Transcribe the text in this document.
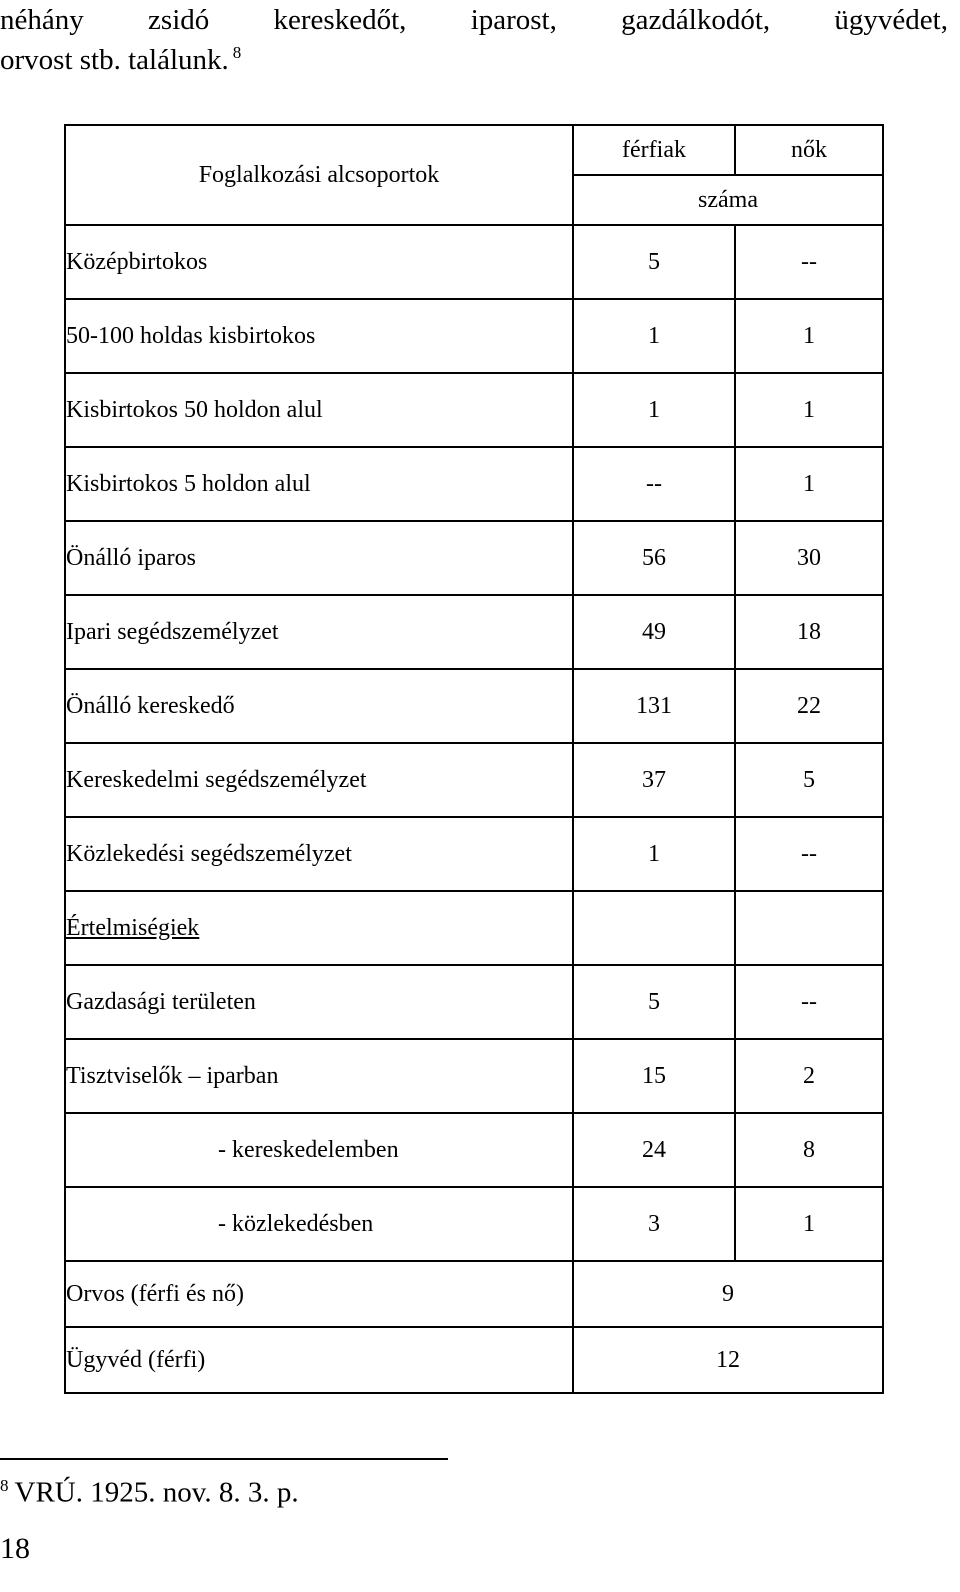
néhány zsidó kereskedőt, iparost, gazdálkodót, ügyvédet,
orvost stb. találunk. $^8$
Foglalkozási alcsoportok	férfiak	nők
	száma	
Középbirtokos	5	--
50-100 holdas kisbirtokos	1	1
Kisbirtokos 50 holdon alul	1	1
Kisbirtokos 5 holdon alul	--	1
Önálló iparos	56	30
Ipari segédszemélyzet	49	18
Önálló kereskedő	131	22
Kereskedelmi segédszemélyzet	37	5
Közlekedési segédszemélyzet	1	--
Értelmiségiek		
Gazdasági területen	5	--
Tisztviselők – iparban	15	2
- kereskedelemben	24	8
- közlekedésben	3	1
Orvos (férfi és nő)	9	
Ügyvéd (férfi)	12	
$^8$ VRÚ. 1925. nov. 8. 3. p.
18
